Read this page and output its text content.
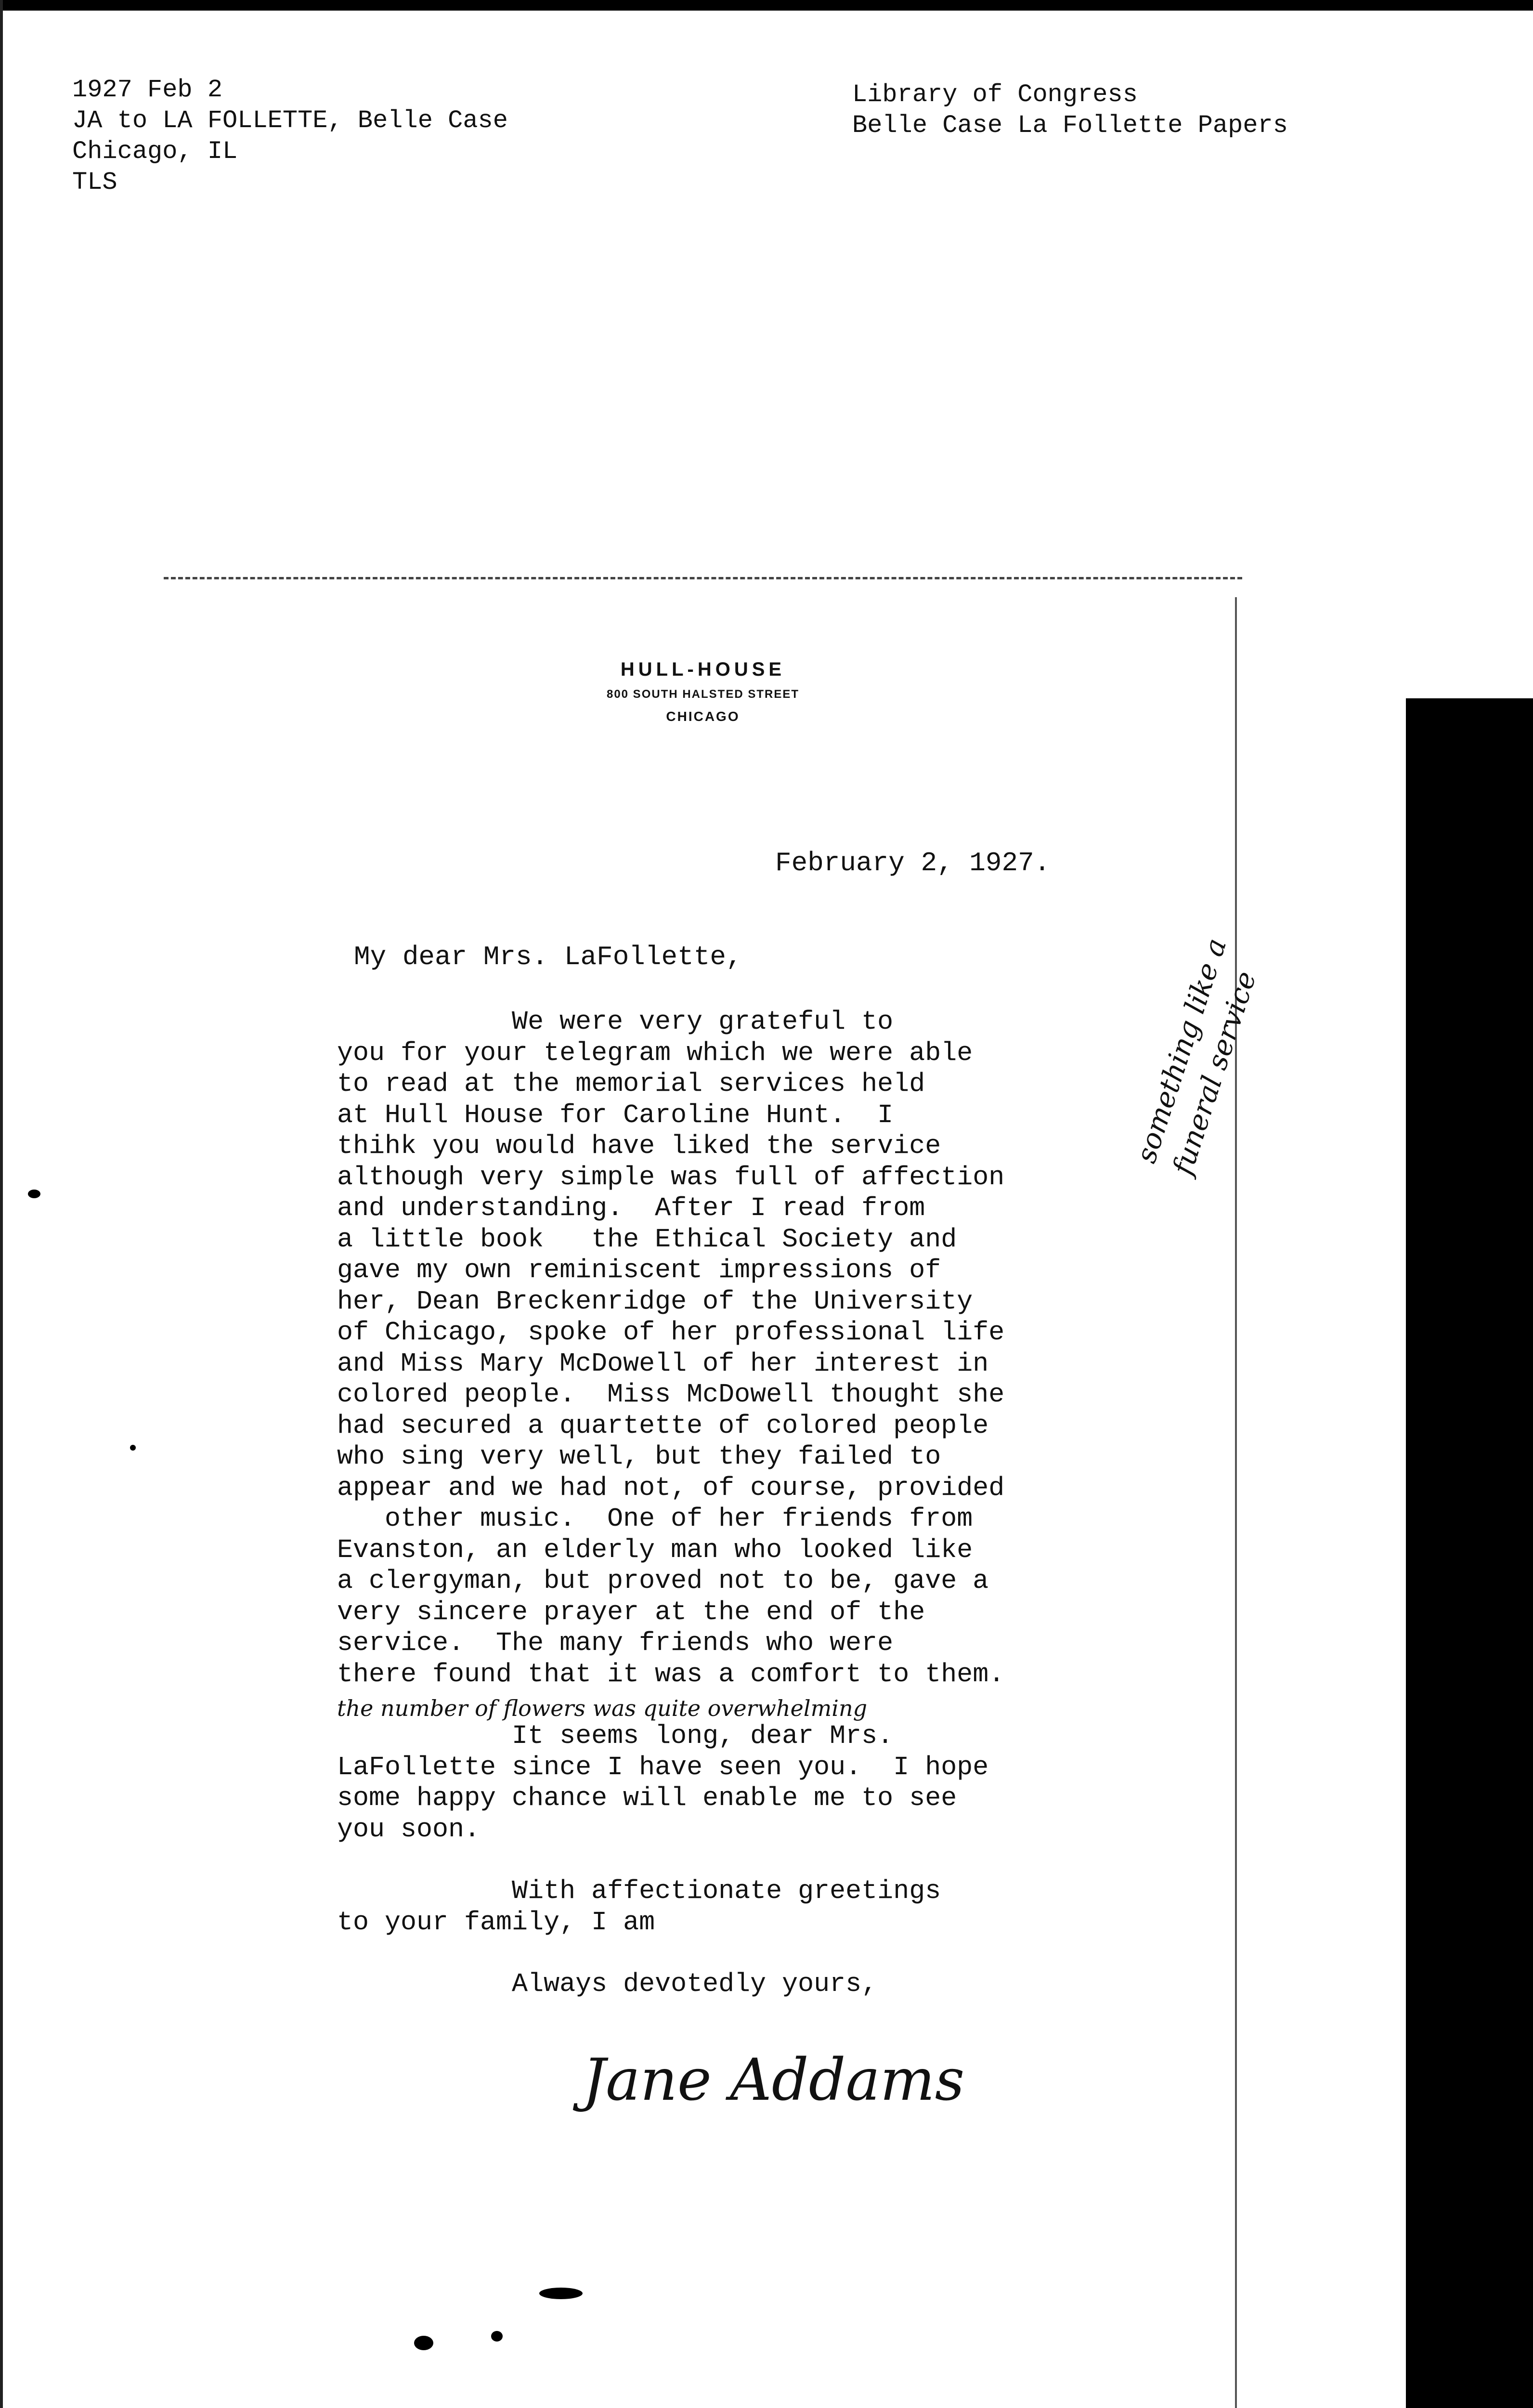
1927 Feb 2
JA to LA FOLLETTE, Belle Case
Chicago, IL
TLS
Library of Congress
Belle Case La Follette Papers
HULL-HOUSE
800 SOUTH HALSTED STREET
CHICAGO
February 2, 1927.
My dear Mrs. LaFollette,
We were very grateful to
you for your telegram which we were able
to read at the memorial services held
at Hull House for Caroline Hunt.  I
thihk you would have liked the service
although very simple was full of affection
and understanding.  After I read from
a little book   the Ethical Society and
gave my own reminiscent impressions of
her, Dean Breckenridge of the University
of Chicago, spoke of her professional life
and Miss Mary McDowell of her interest in
colored people.  Miss McDowell thought she
had secured a quartette of colored people
who sing very well, but they failed to
appear and we had not, of course, provided
other music.  One of her friends from
Evanston, an elderly man who looked like
a clergyman, but proved not to be, gave a
very sincere prayer at the end of the
service.  The many friends who were
there found that it was a comfort to them.
It seems long, dear Mrs.
LaFollette since I have seen you.  I hope
some happy chance will enable me to see
you soon.
With affectionate greetings
to your family, I am
Always devotedly yours,
something like a
funeral service
the number of flowers was quite overwhelming
Jane Addams
